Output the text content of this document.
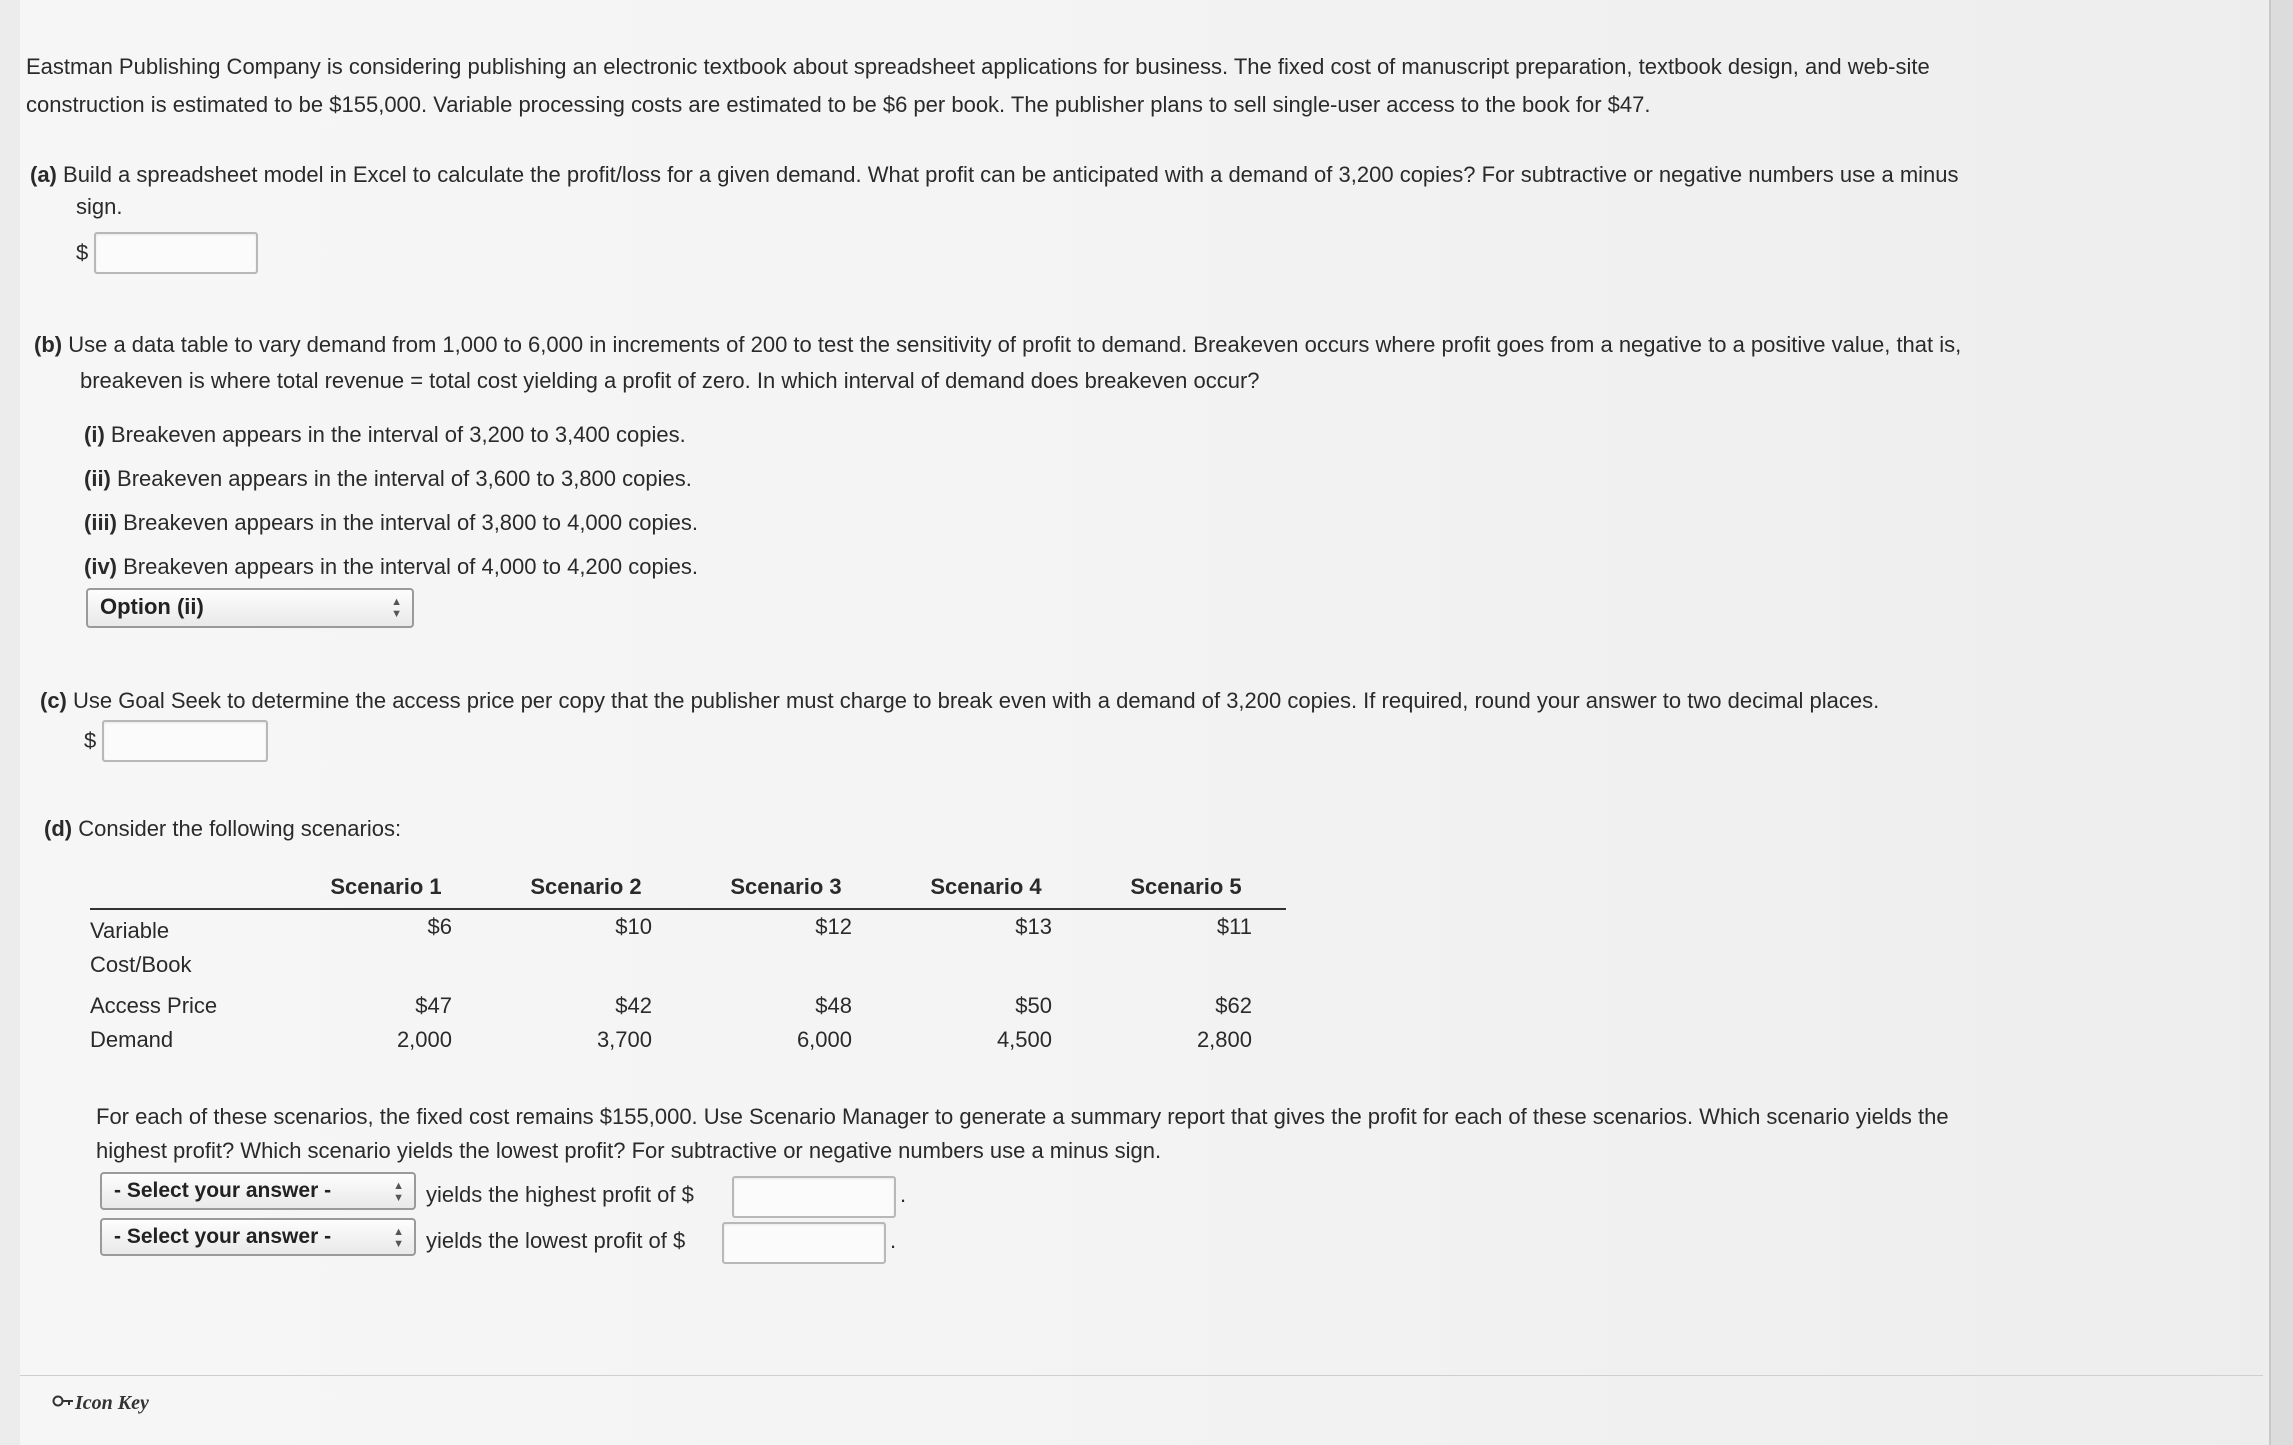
Eastman Publishing Company is considering publishing an electronic textbook about spreadsheet applications for business. The fixed cost of manuscript preparation, textbook design, and web-site
construction is estimated to be $155,000. Variable processing costs are estimated to be $6 per book. The publisher plans to sell single-user access to the book for $47.
(a) Build a spreadsheet model in Excel to calculate the profit/loss for a given demand. What profit can be anticipated with a demand of 3,200 copies? For subtractive or negative numbers use a minus
sign.
$
(b) Use a data table to vary demand from 1,000 to 6,000 in increments of 200 to test the sensitivity of profit to demand. Breakeven occurs where profit goes from a negative to a positive value, that is,
breakeven is where total revenue = total cost yielding a profit of zero. In which interval of demand does breakeven occur?
(i) Breakeven appears in the interval of 3,200 to 3,400 copies.
(ii) Breakeven appears in the interval of 3,600 to 3,800 copies.
(iii) Breakeven appears in the interval of 3,800 to 4,000 copies.
(iv) Breakeven appears in the interval of 4,000 to 4,200 copies.
Option (ii)	▲
▼
(c) Use Goal Seek to determine the access price per copy that the publisher must charge to break even with a demand of 3,200 copies. If required, round your answer to two decimal places.
$
(d) Consider the following scenarios:
	Scenario 1	Scenario 2	Scenario 3	Scenario 4	Scenario 5
Variable
Cost/Book	$6	$10	$12	$13	$11
Access Price	$47	$42	$48	$50	$62
Demand	2,000	3,700	6,000	4,500	2,800
For each of these scenarios, the fixed cost remains $155,000. Use Scenario Manager to generate a summary report that gives the profit for each of these scenarios. Which scenario yields the
highest profit? Which scenario yields the lowest profit? For subtractive or negative numbers use a minus sign.
- Select your answer -	▲
▼ yields the highest profit of $	.
- Select your answer -	▲
▼ yields the lowest profit of $	.
Icon Key
